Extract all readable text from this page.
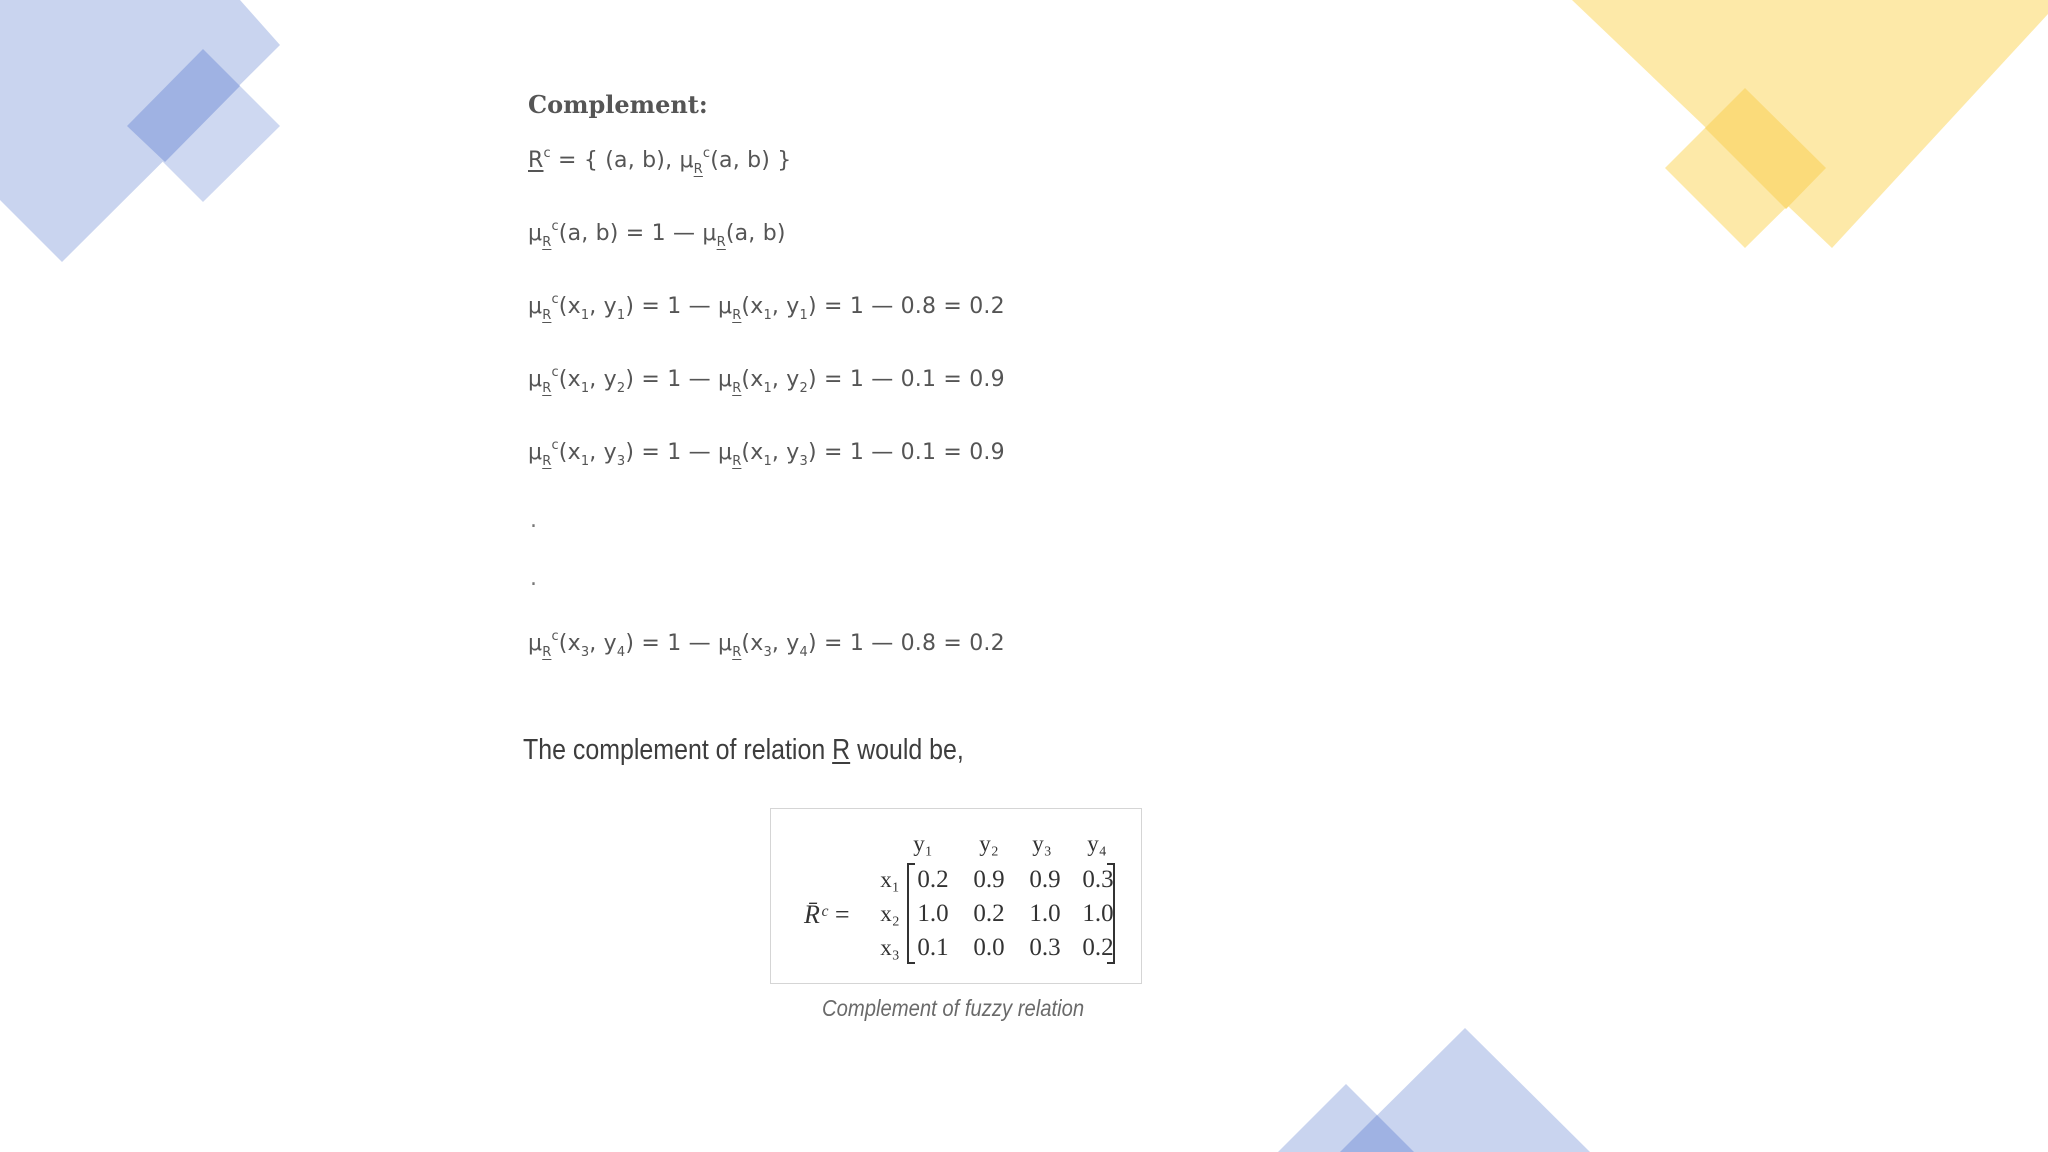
Complement:
$R^c$ = { (a, b), $\mu_R^c(a$, b) }
$\mu_R^c(a$, b) = 1 — $\mu_R(a$, b)
$\mu_R^c(x_1$, $y_1) = 1$ — $\mu_R(x_1$, $y_1) = 1$ — 0.8 = 0.2
$\mu_R^c(x_1$, $y_2) = 1$ — $\mu_R(x_1$, $y_2) = 1$ — 0.1 = 0.9
$\mu_R^c(x_1$, $y_3) = 1$ — $\mu_R(x_1$, $y_3) = 1$ — 0.1 = 0.9
.
.
$\mu_R^c(x_3$, $y_4) = 1$ — $\mu_R(x_3$, $y_4) = 1$ — 0.8 = 0.2
The complement of relation R would be,
R̄ᶜ =
y₁ y₂ y₃ y₄
x₁
x₂
x₃
0.2 0.9 0.9 0.3
1.0 0.2 1.0 1.0
0.1 0.0 0.3 0.2
Complement of fuzzy relation
